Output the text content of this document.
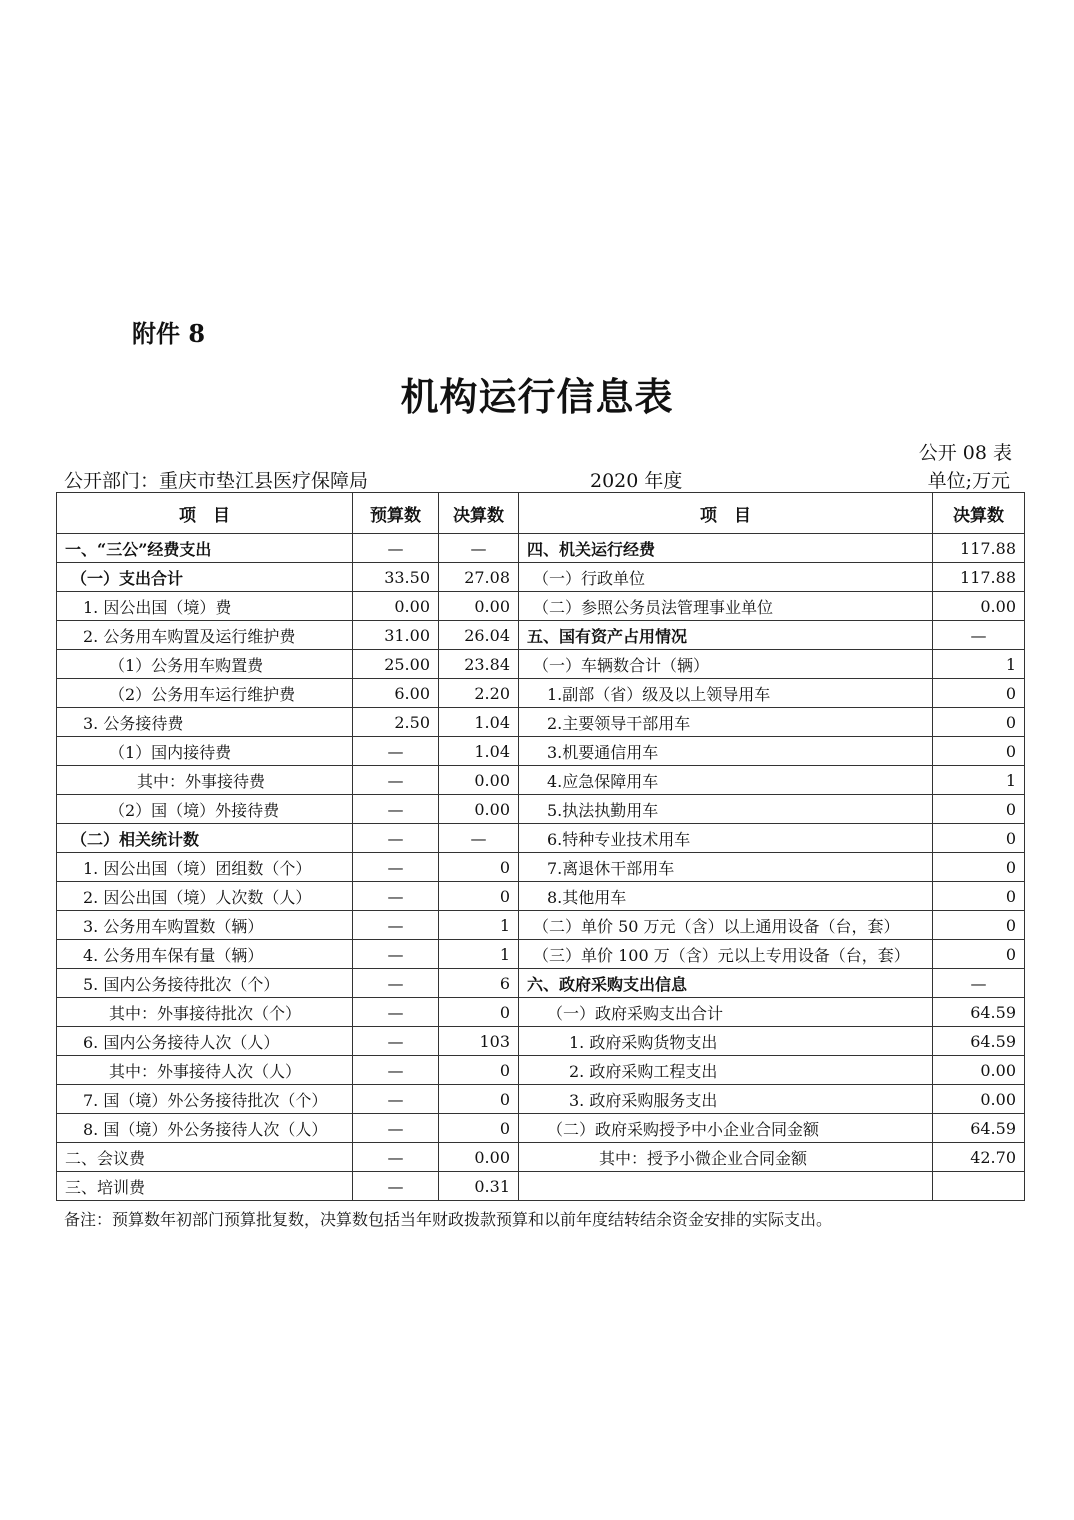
附件 8
机构运行信息表
公开 08 表
公开部门：重庆市垫江县医疗保障局	2020 年度	单位;万元
项　目	预算数	决算数	项　目	决算数
一、“三公”经费支出	—	—	四、机关运行经费	117.88
（一）支出合计	33.50	27.08	（一）行政单位	117.88
1. 因公出国（境）费	0.00	0.00	（二）参照公务员法管理事业单位	0.00
2. 公务用车购置及运行维护费	31.00	26.04	五、国有资产占用情况	—
（1）公务用车购置费	25.00	23.84	（一）车辆数合计（辆）	1
（2）公务用车运行维护费	6.00	2.20	1.副部（省）级及以上领导用车	0
3. 公务接待费	2.50	1.04	2.主要领导干部用车	0
（1）国内接待费	—	1.04	3.机要通信用车	0
其中：外事接待费	—	0.00	4.应急保障用车	1
（2）国（境）外接待费	—	0.00	5.执法执勤用车	0
（二）相关统计数	—	—	6.特种专业技术用车	0
1. 因公出国（境）团组数（个）	—	0	7.离退休干部用车	0
2. 因公出国（境）人次数（人）	—	0	8.其他用车	0
3. 公务用车购置数（辆）	—	1	（二）单价 50 万元（含）以上通用设备（台，套）	0
4. 公务用车保有量（辆）	—	1	（三）单价 100 万（含）元以上专用设备（台，套）	0
5. 国内公务接待批次（个）	—	6	六、政府采购支出信息	—
其中：外事接待批次（个）	—	0	（一）政府采购支出合计	64.59
6. 国内公务接待人次（人）	—	103	1. 政府采购货物支出	64.59
其中：外事接待人次（人）	—	0	2. 政府采购工程支出	0.00
7. 国（境）外公务接待批次（个）	—	0	3. 政府采购服务支出	0.00
8. 国（境）外公务接待人次（人）	—	0	（二）政府采购授予中小企业合同金额	64.59
二、会议费	—	0.00	其中：授予小微企业合同金额	42.70
三、培训费	—	0.31		
备注：预算数年初部门预算批复数，决算数包括当年财政拨款预算和以前年度结转结余资金安排的实际支出。
